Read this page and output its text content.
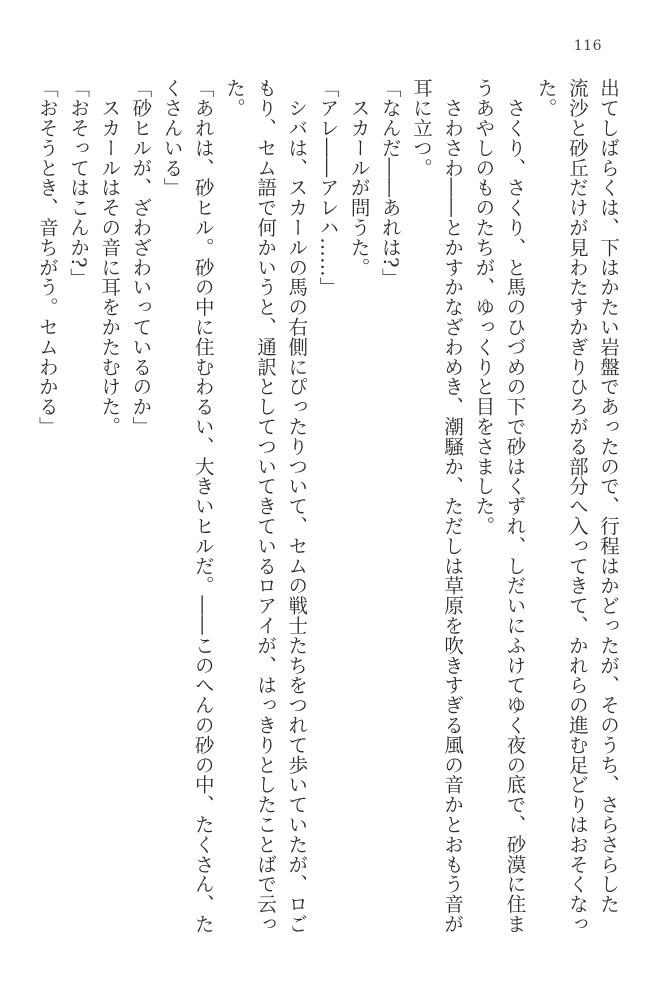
116
出てしばらくは、下はかたい岩盤であったので、行程はかどったが、そのうち、さらさらした
流沙と砂丘だけが見わたすかぎりひろがる部分へ入ってきて、かれらの進む足どりはおそくなっ
た。
　さくり、さくり、と馬のひづめの下で砂はくずれ、しだいにふけてゆく夜の底で、砂漠に住ま
うあやしのものたちが、ゆっくりと目をさました。
　さわさわ――とかすかなざわめき、潮騒か、ただしは草原を吹きすぎる風の音かとおもう音が
耳に立つ。
「なんだ――あれは?」
　スカールが問うた。
「アレ――アレハ……」
　シバは、スカールの馬の右側にぴったりついて、セムの戦士たちをつれて歩いていたが、ロご
もり、セム語で何かいうと、通訳としてついてきているロアイが、はっきりとしたことばで云っ
た。
「あれは、砂ヒル。砂の中に住むわるい、大きいヒルだ。――このへんの砂の中、たくさん、た
くさんいる」
「砂ヒルが、ざわざわいっているのか」
　スカールはその音に耳をかたむけた。
「おそってはこんか?」
「おそうとき、音ちがう。セムわかる」
